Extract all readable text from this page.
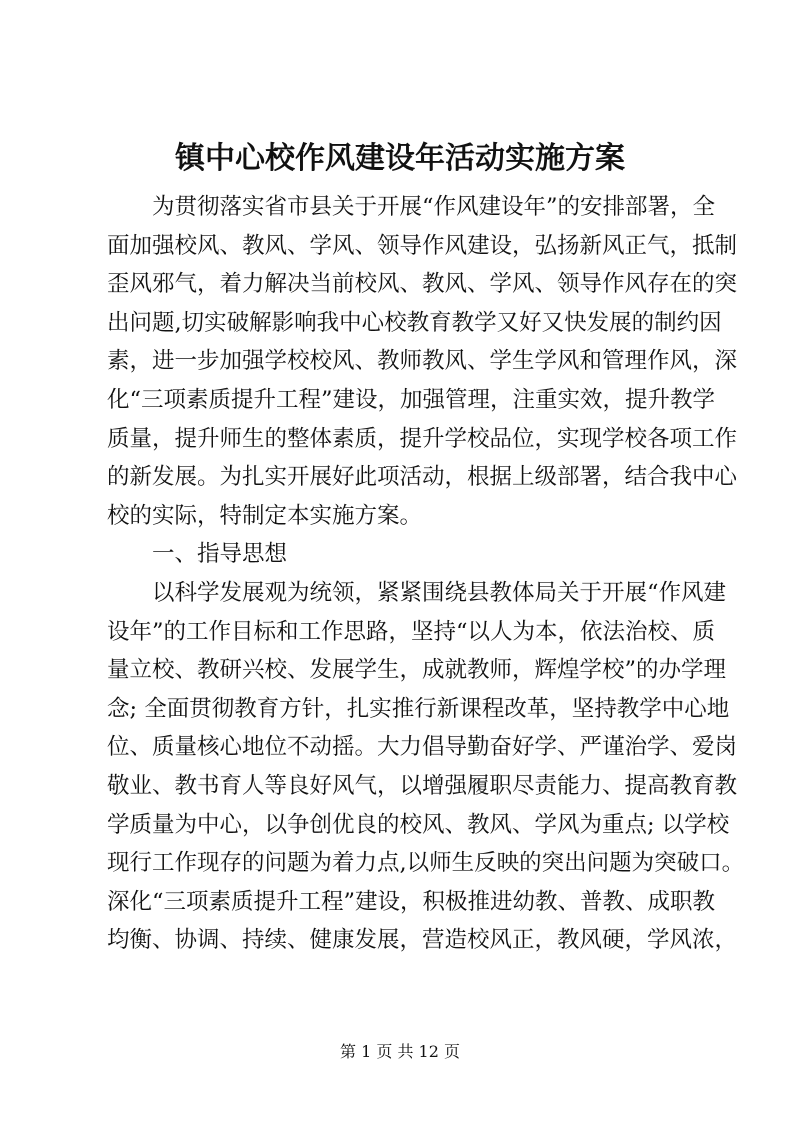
镇中心校作风建设年活动实施方案
为贯彻落实省市县关于开展“作风建设年”的安排部署，全
面加强校风、教风、学风、领导作风建设，弘扬新风正气，抵制
歪风邪气，着力解决当前校风、教风、学风、领导作风存在的突
出问题,切实破解影响我中心校教育教学又好又快发展的制约因
素，进一步加强学校校风、教师教风、学生学风和管理作风，深
化“三项素质提升工程”建设，加强管理，注重实效，提升教学
质量，提升师生的整体素质，提升学校品位，实现学校各项工作
的新发展。为扎实开展好此项活动，根据上级部署，结合我中心
校的实际，特制定本实施方案。
一、指导思想
以科学发展观为统领，紧紧围绕县教体局关于开展“作风建
设年”的工作目标和工作思路，坚持“以人为本，依法治校、质
量立校、教研兴校、发展学生，成就教师，辉煌学校”的办学理
念; 全面贯彻教育方针，扎实推行新课程改革，坚持教学中心地
位、质量核心地位不动摇。大力倡导勤奋好学、严谨治学、爱岗
敬业、教书育人等良好风气，以增强履职尽责能力、提高教育教
学质量为中心，以争创优良的校风、教风、学风为重点; 以学校
现行工作现存的问题为着力点,以师生反映的突出问题为突破口。
深化“三项素质提升工程”建设，积极推进幼教、普教、成职教
均衡、协调、持续、健康发展，营造校风正，教风硬，学风浓，
第 1 页 共 12 页
